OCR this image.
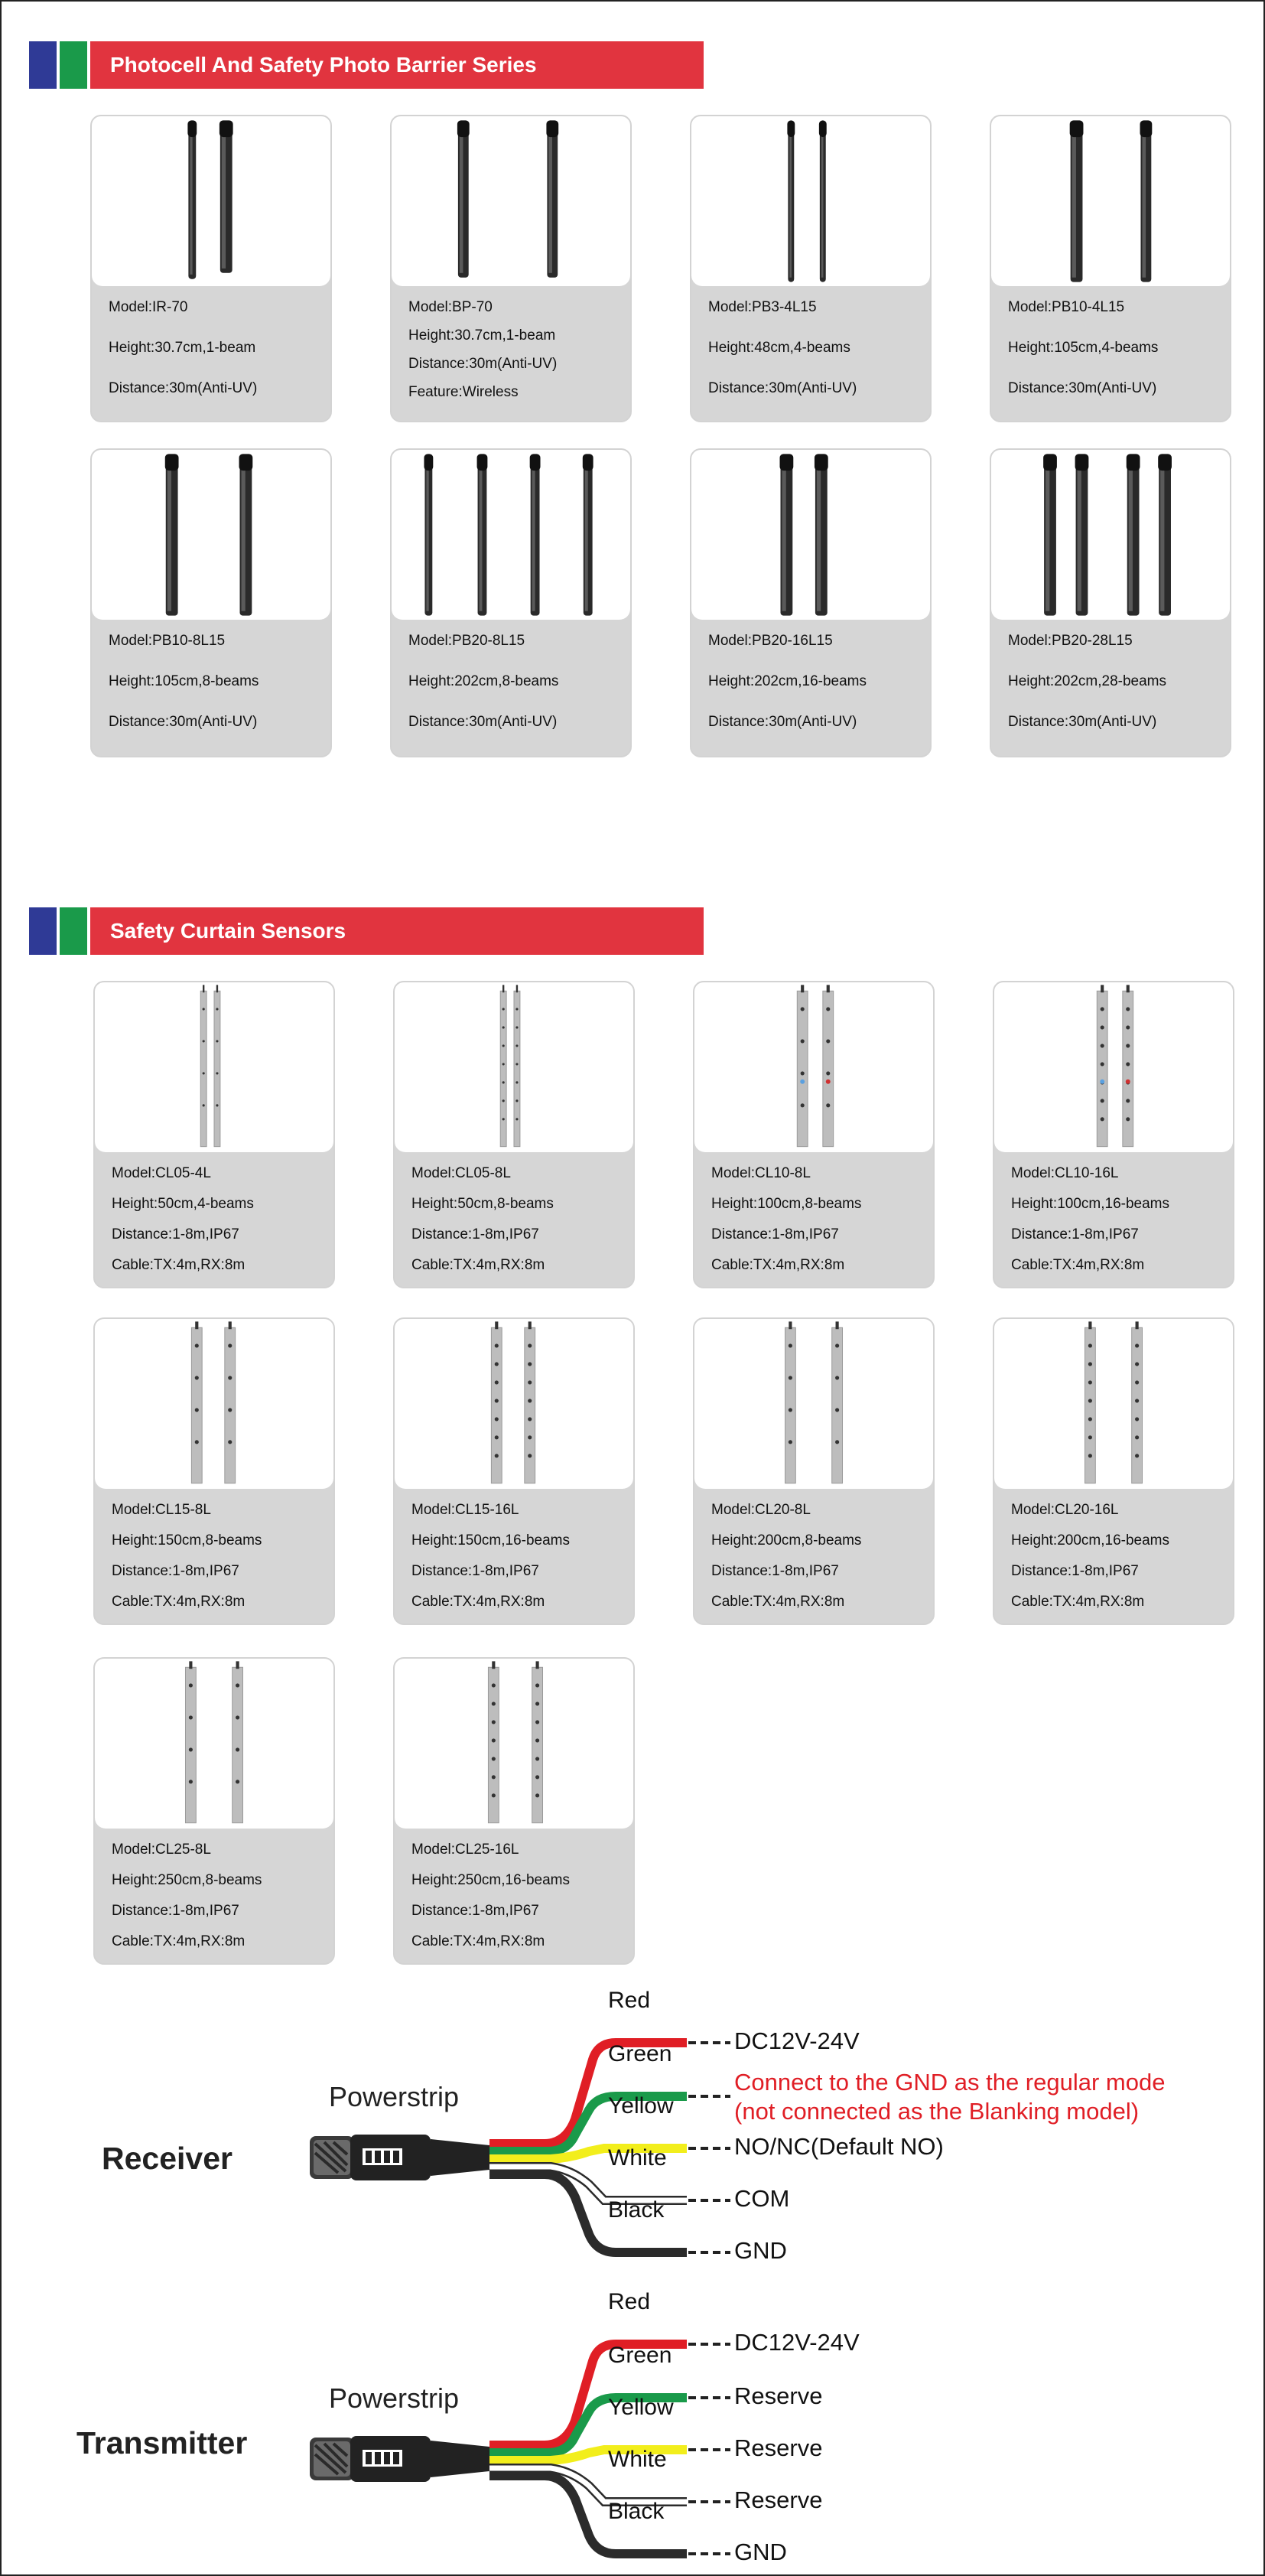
Photocell And Safety Photo Barrier Series
Model:IR-70
Height:30.7cm,1-beam
Distance:30m(Anti-UV)
Model:BP-70
Height:30.7cm,1-beam
Distance:30m(Anti-UV)
Feature:Wireless
Model:PB3-4L15
Height:48cm,4-beams
Distance:30m(Anti-UV)
Model:PB10-4L15
Height:105cm,4-beams
Distance:30m(Anti-UV)
Model:PB10-8L15
Height:105cm,8-beams
Distance:30m(Anti-UV)
Model:PB20-8L15
Height:202cm,8-beams
Distance:30m(Anti-UV)
Model:PB20-16L15
Height:202cm,16-beams
Distance:30m(Anti-UV)
Model:PB20-28L15
Height:202cm,28-beams
Distance:30m(Anti-UV)
Safety Curtain Sensors
Model:CL05-4L
Height:50cm,4-beams
Distance:1-8m,IP67
Cable:TX:4m,RX:8m
Model:CL05-8L
Height:50cm,8-beams
Distance:1-8m,IP67
Cable:TX:4m,RX:8m
Model:CL10-8L
Height:100cm,8-beams
Distance:1-8m,IP67
Cable:TX:4m,RX:8m
Model:CL10-16L
Height:100cm,16-beams
Distance:1-8m,IP67
Cable:TX:4m,RX:8m
Model:CL15-8L
Height:150cm,8-beams
Distance:1-8m,IP67
Cable:TX:4m,RX:8m
Model:CL15-16L
Height:150cm,16-beams
Distance:1-8m,IP67
Cable:TX:4m,RX:8m
Model:CL20-8L
Height:200cm,8-beams
Distance:1-8m,IP67
Cable:TX:4m,RX:8m
Model:CL20-16L
Height:200cm,16-beams
Distance:1-8m,IP67
Cable:TX:4m,RX:8m
Model:CL25-8L
Height:250cm,8-beams
Distance:1-8m,IP67
Cable:TX:4m,RX:8m
Model:CL25-16L
Height:250cm,16-beams
Distance:1-8m,IP67
Cable:TX:4m,RX:8m
Receiver
Powerstrip
Red
Green
Yellow
White
Black
DC12V-24V
Connect to the GND as the regular mode
(not connected as the Blanking model)
NO/NC(Default NO)
COM
GND
Transmitter
Powerstrip
Red
Green
Yellow
White
Black
DC12V-24V
Reserve
Reserve
Reserve
GND
